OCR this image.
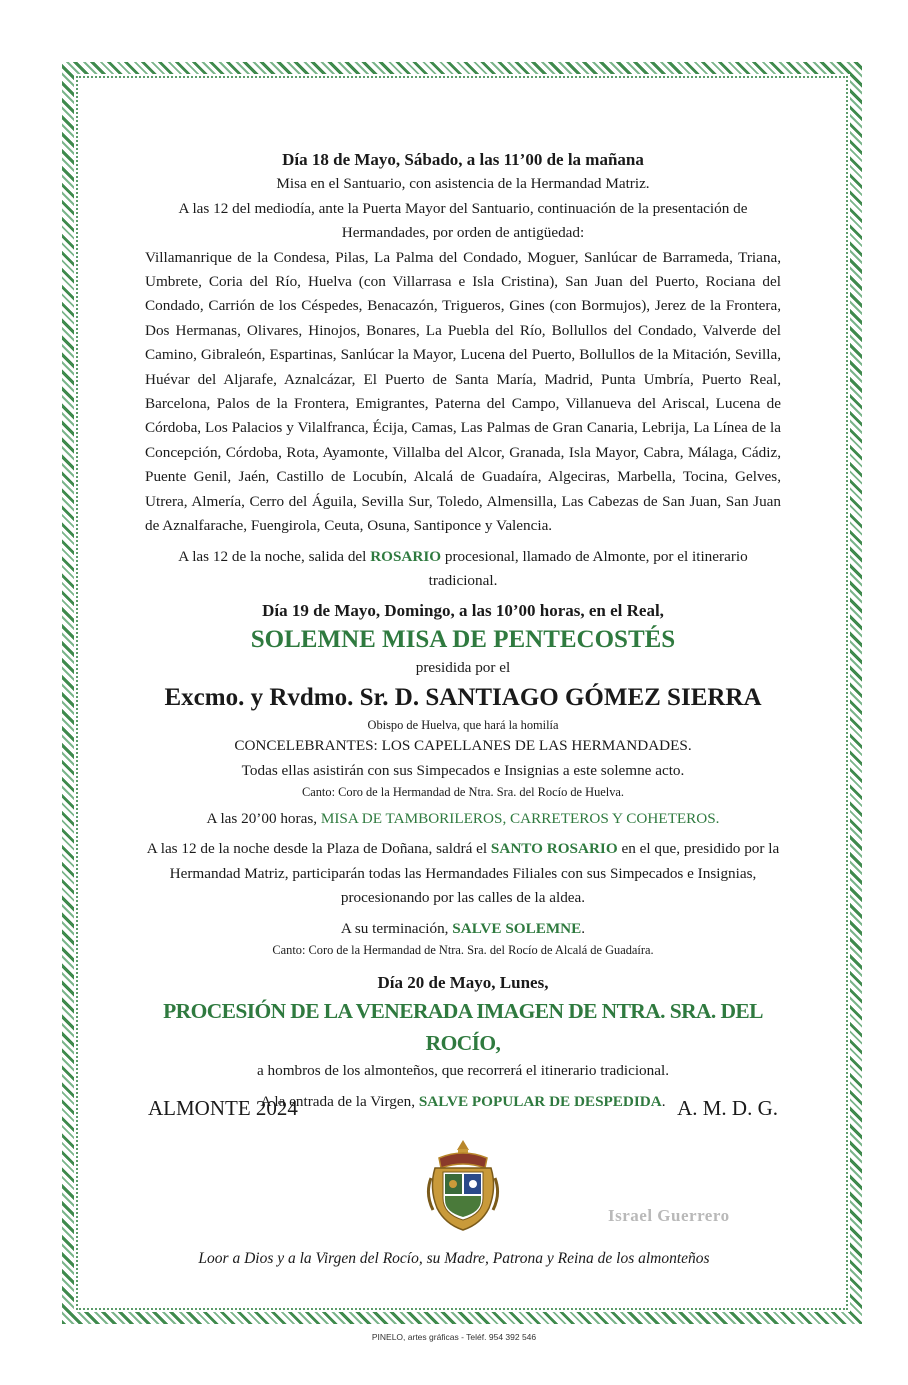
Día 18 de Mayo, Sábado, a las 11’00 de la mañana

Misa en el Santuario, con asistencia de la Hermandad Matriz.

A las 12 del mediodía, ante la Puerta Mayor del Santuario, continuación de la presentación de Hermandades, por orden de antigüedad:

Villamanrique de la Condesa, Pilas, La Palma del Condado, Moguer, Sanlúcar de Barrameda, Triana, Umbrete, Coria del Río, Huelva (con Villarrasa e Isla Cristina), San Juan del Puerto, Rociana del Condado, Carrión de los Céspedes, Benacazón, Trigueros, Gines (con Bormujos), Jerez de la Frontera, Dos Hermanas, Olivares, Hinojos, Bonares, La Puebla del Río, Bollullos del Condado, Valverde del Camino, Gibraleón, Espartinas, Sanlúcar la Mayor, Lucena del Puerto, Bollullos de la Mitación, Sevilla, Huévar del Aljarafe, Aznalcázar, El Puerto de Santa María, Madrid, Punta Umbría, Puerto Real, Barcelona, Palos de la Frontera, Emigrantes, Paterna del Campo, Villanueva del Ariscal, Lucena de Córdoba, Los Palacios y Vilalfranca, Écija, Camas, Las Palmas de Gran Canaria, Lebrija, La Línea de la Concepción, Córdoba, Rota, Ayamonte, Villalba del Alcor, Granada, Isla Mayor, Cabra, Málaga, Cádiz, Puente Genil, Jaén, Castillo de Locubín, Alcalá de Guadaíra, Algeciras, Marbella, Tocina, Gelves, Utrera, Almería, Cerro del Águila, Sevilla Sur, Toledo, Almensilla, Las Cabezas de San Juan, San Juan de Aznalfarache, Fuengirola, Ceuta, Osuna, Santiponce y Valencia.

A las 12 de la noche, salida del ROSARIO procesional, llamado de Almonte, por el itinerario tradicional.

Día 19 de Mayo, Domingo, a las 10’00 horas, en el Real,

SOLEMNE MISA DE PENTECOSTÉS

presidida por el

Excmo. y Rvdmo. Sr. D. SANTIAGO GÓMEZ SIERRA

Obispo de Huelva, que hará la homilía

CONCELEBRANTES: LOS CAPELLANES DE LAS HERMANDADES.

Todas ellas asistirán con sus Simpecados e Insignias a este solemne acto.

Canto: Coro de la Hermandad de Ntra. Sra. del Rocío de Huelva.

A las 20’00 horas, MISA DE TAMBORILEROS, CARRETEROS Y COHETEROS.

A las 12 de la noche desde la Plaza de Doñana, saldrá el SANTO ROSARIO en el que, presidido por la Hermandad Matriz, participarán todas las Hermandades Filiales con sus Simpecados e Insignias, procesionando por las calles de la aldea.

A su terminación, SALVE SOLEMNE.

Canto: Coro de la Hermandad de Ntra. Sra. del Rocío de Alcalá de Guadaíra.

Día 20 de Mayo, Lunes,

PROCESIÓN DE LA VENERADA IMAGEN DE NTRA. SRA. DEL ROCÍO,

a hombros de los almonteños, que recorrerá el itinerario tradicional.

A la entrada de la Virgen, SALVE POPULAR DE DESPEDIDA.

ALMONTE 2024	A. M. D. G.
Israel Guerrero
Loor a Dios y a la Virgen del Rocío, su Madre, Patrona y Reina de los almonteños
PINELO, artes gráficas - Teléf. 954 392 546
